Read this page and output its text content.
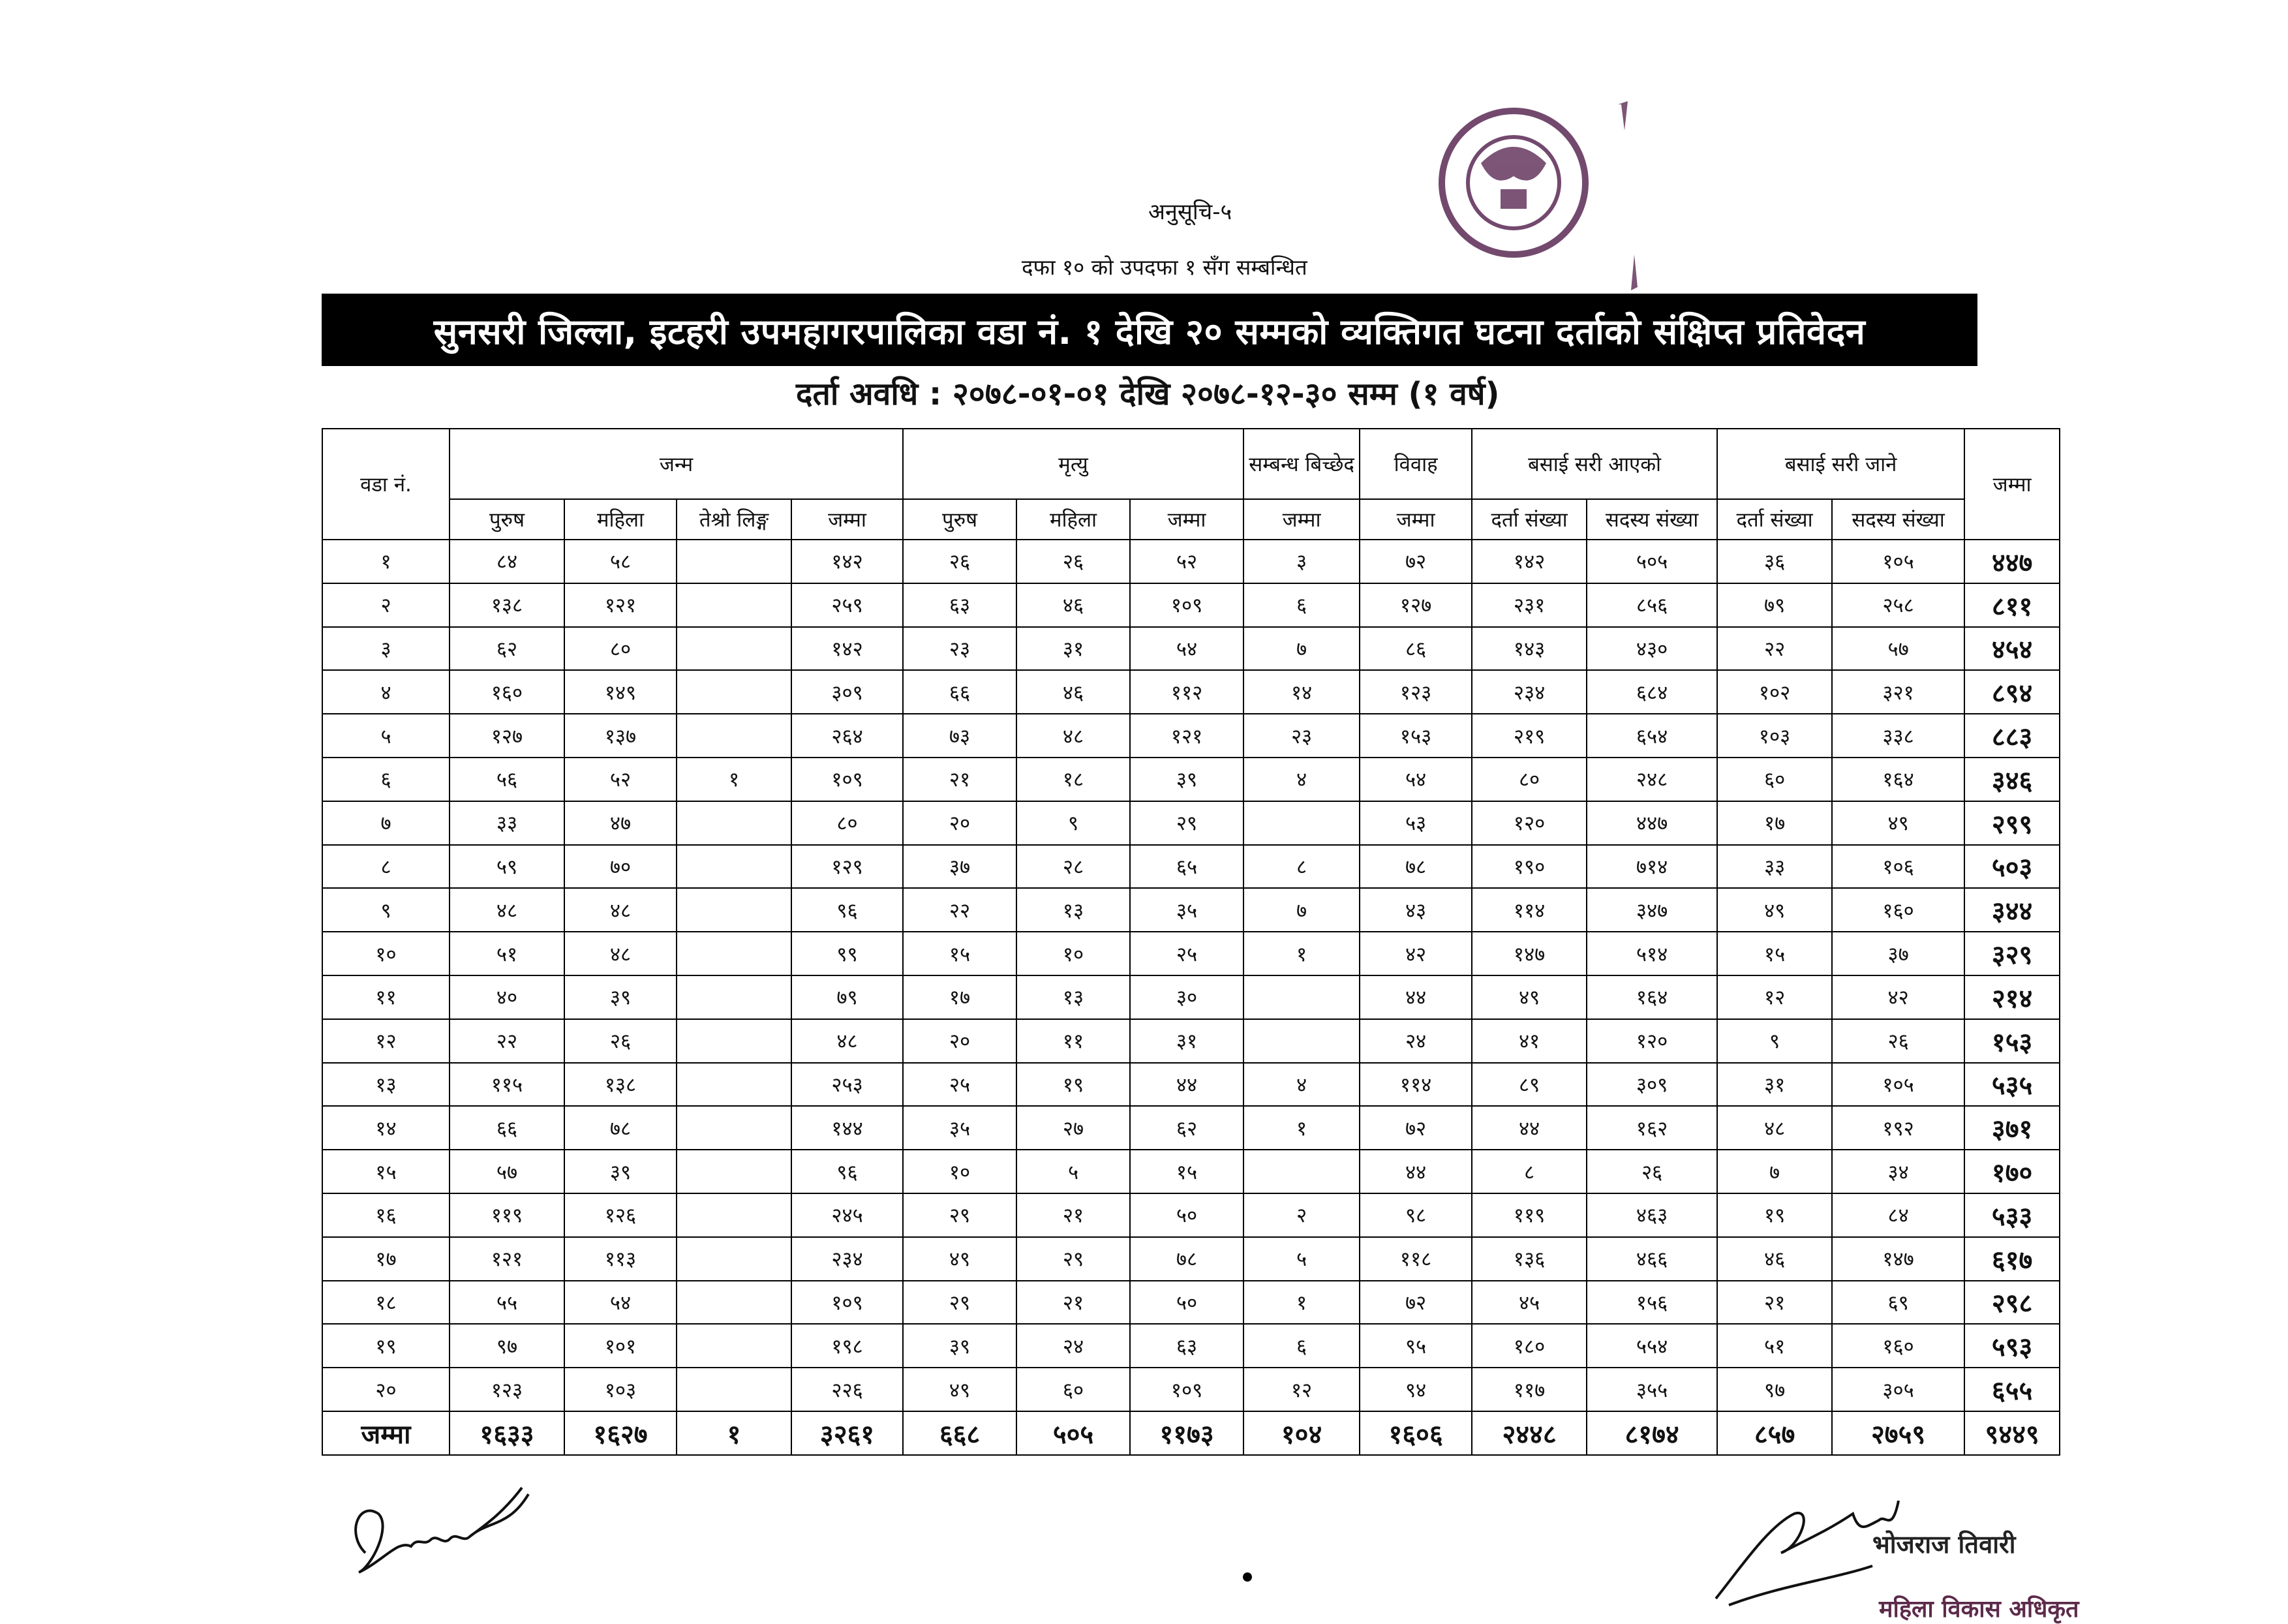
अनुसूचि-५
दफा १० को उपदफा १ सँग सम्बन्धित
सुनसरी जिल्ला, इटहरी उपमहागरपालिका वडा नं. १ देखि २० सम्मको व्यक्तिगत घटना दर्ताको संक्षिप्त प्रतिवेदन
दर्ता अवधि : २०७८-०१-०१ देखि २०७८-१२-३० सम्म (१ वर्ष)
वडा नं.	जन्म				मृत्यु			सम्बन्ध बिच्छेद	विवाह	बसाई सरी आएको		बसाई सरी जाने		जम्मा
	पुरुष	महिला	तेश्रो लिङ्ग	जम्मा	पुरुष	महिला	जम्मा	जम्मा	जम्मा	दर्ता संख्या	सदस्य संख्या	दर्ता संख्या	सदस्य संख्या	
१	८४	५८		१४२	२६	२६	५२	३	७२	१४२	५०५	३६	१०५	४४७
२	१३८	१२१		२५९	६३	४६	१०९	६	१२७	२३१	८५६	७९	२५८	८११
३	६२	८०		१४२	२३	३१	५४	७	८६	१४३	४३०	२२	५७	४५४
४	१६०	१४९		३०९	६६	४६	११२	१४	१२३	२३४	६८४	१०२	३२१	८९४
५	१२७	१३७		२६४	७३	४८	१२१	२३	१५३	२१९	६५४	१०३	३३८	८८३
६	५६	५२	१	१०९	२१	१८	३९	४	५४	८०	२४८	६०	१६४	३४६
७	३३	४७		८०	२०	९	२९		५३	१२०	४४७	१७	४९	२९९
८	५९	७०		१२९	३७	२८	६५	८	७८	१९०	७१४	३३	१०६	५०३
९	४८	४८		९६	२२	१३	३५	७	४३	११४	३४७	४९	१६०	३४४
१०	५१	४८		९९	१५	१०	२५	१	४२	१४७	५१४	१५	३७	३२९
११	४०	३९		७९	१७	१३	३०		४४	४९	१६४	१२	४२	२१४
१२	२२	२६		४८	२०	११	३१		२४	४१	१२०	९	२६	१५३
१३	११५	१३८		२५३	२५	१९	४४	४	११४	८९	३०९	३१	१०५	५३५
१४	६६	७८		१४४	३५	२७	६२	१	७२	४४	१६२	४८	१९२	३७१
१५	५७	३९		९६	१०	५	१५		४४	८	२६	७	३४	१७०
१६	११९	१२६		२४५	२९	२१	५०	२	९८	११९	४६३	१९	८४	५३३
१७	१२१	११३		२३४	४९	२९	७८	५	११८	१३६	४६६	४६	१४७	६१७
१८	५५	५४		१०९	२९	२१	५०	१	७२	४५	१५६	२१	६९	२९८
१९	९७	१०१		१९८	३९	२४	६३	६	९५	१८०	५५४	५१	१६०	५९३
२०	१२३	१०३		२२६	४९	६०	१०९	१२	९४	११७	३५५	९७	३०५	६५५
जम्मा	१६३३	१६२७	१	३२६१	६६८	५०५	११७३	१०४	१६०६	२४४८	८१७४	८५७	२७५९	९४४९
भोजराज तिवारी
महिला विकास अधिकृत
